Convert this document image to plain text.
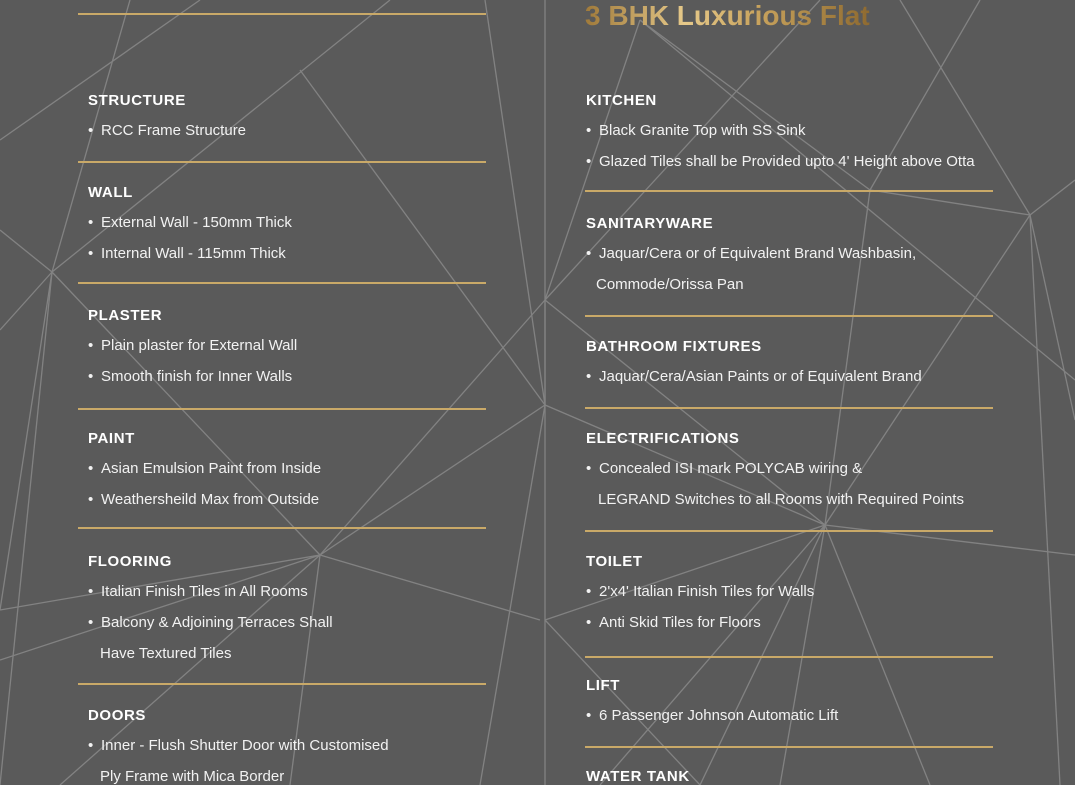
3 BHK Luxurious Flat
STRUCTURE
• RCC Frame Structure
WALL
• External Wall - 150mm Thick
• Internal Wall - 115mm Thick
PLASTER
• Plain plaster for External Wall
• Smooth finish for Inner Walls
PAINT
• Asian Emulsion Paint from Inside
• Weathersheild Max from Outside
FLOORING
• Italian Finish Tiles in All Rooms
• Balcony & Adjoining Terraces Shall
Have Textured Tiles
DOORS
• Inner - Flush Shutter Door with Customised
Ply Frame with Mica Border
KITCHEN
• Black Granite Top with SS Sink
• Glazed Tiles shall be Provided upto 4' Height above Otta
SANITARYWARE
• Jaquar/Cera or of Equivalent Brand Washbasin,
Commode/Orissa Pan
BATHROOM FIXTURES
• Jaquar/Cera/Asian Paints or of Equivalent Brand
ELECTRIFICATIONS
• Concealed ISI mark POLYCAB wiring &
LEGRAND Switches to all Rooms with Required Points
TOILET
• 2'x4' Italian Finish Tiles for Walls
• Anti Skid Tiles for Floors
LIFT
• 6 Passenger Johnson Automatic Lift
WATER TANK
